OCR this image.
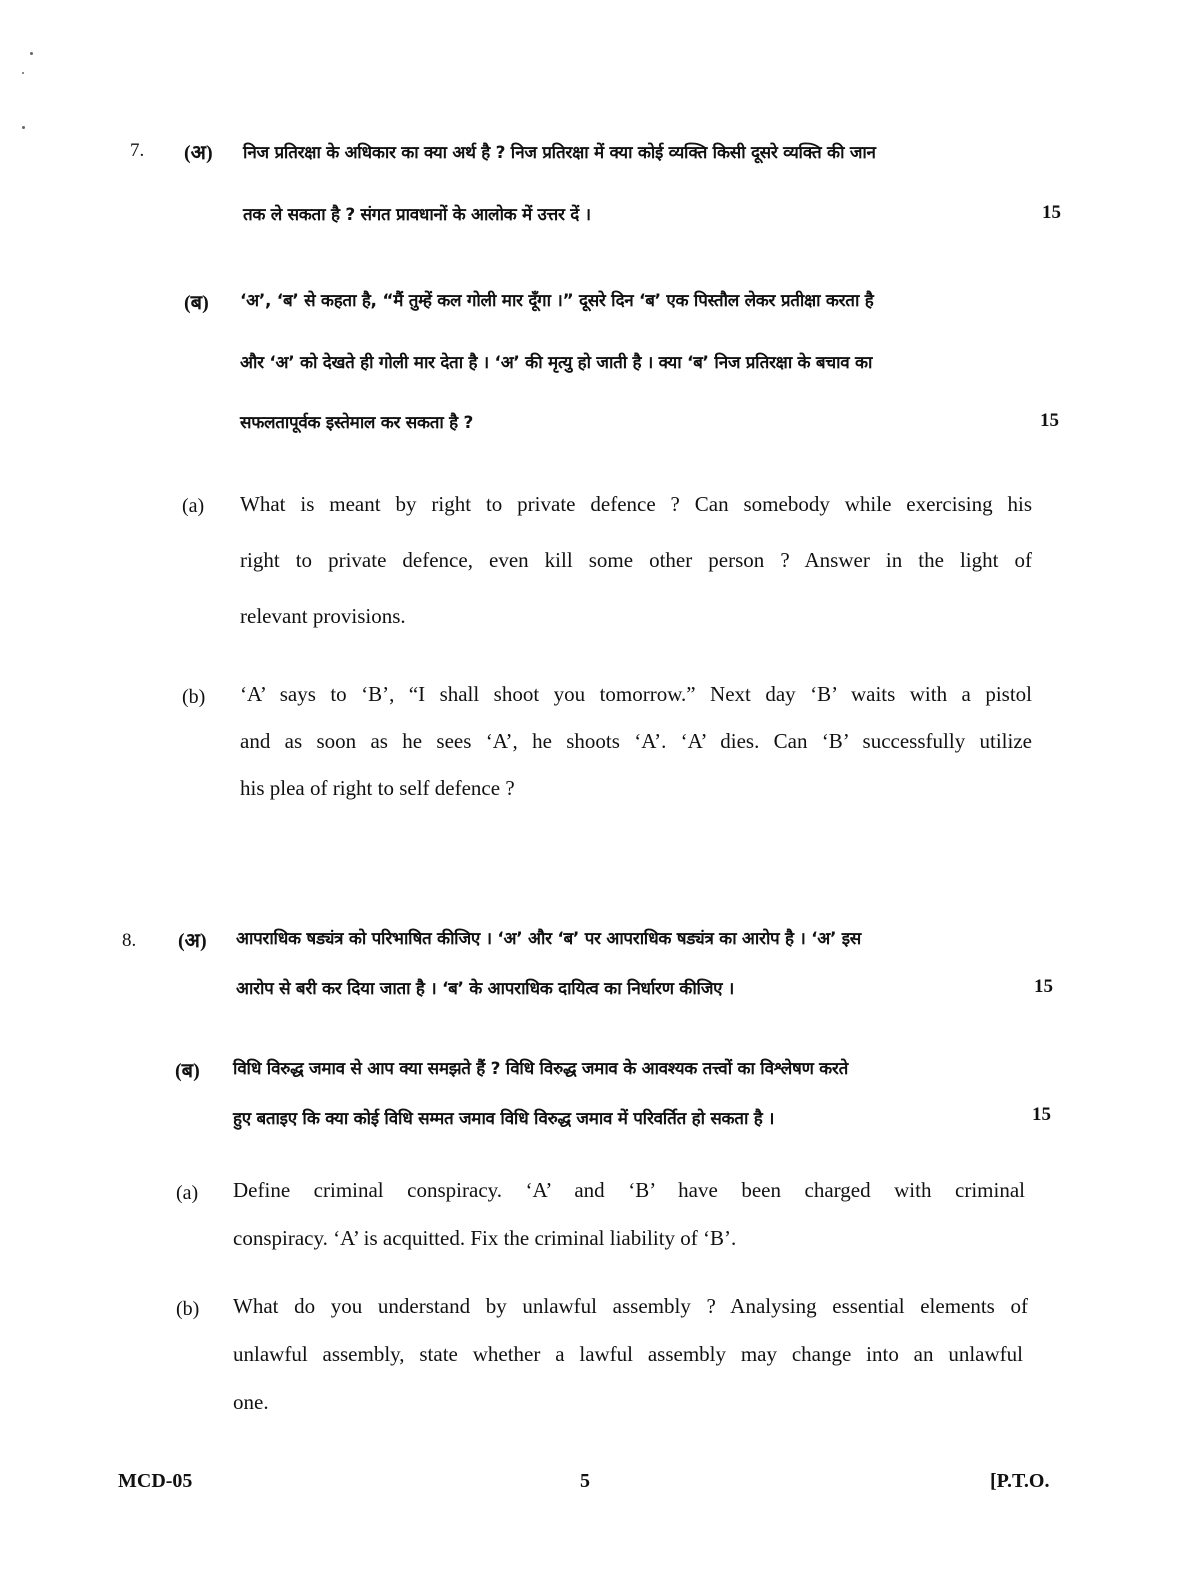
7. (अ) निज प्रतिरक्षा के अधिकार का क्या अर्थ है ? निज प्रतिरक्षा में क्या कोई व्यक्ति किसी दूसरे व्यक्ति की जान
तक ले सकता है ? संगत प्रावधानों के आलोक में उत्तर दें ।	15
(ब) ‘अ’, ‘ब’ से कहता है, “मैं तुम्हें कल गोली मार दूँगा ।” दूसरे दिन ‘ब’ एक पिस्तौल लेकर प्रतीक्षा करता है
और ‘अ’ को देखते ही गोली मार देता है । ‘अ’ की मृत्यु हो जाती है । क्या ‘ब’ निज प्रतिरक्षा के बचाव का
सफलतापूर्वक इस्तेमाल कर सकता है ?	15
(a) What is meant by right to private defence ? Can somebody while exercising his
right to private defence, even kill some other person ? Answer in the light of
relevant provisions.
(b) ‘A’ says to ‘B’, “I shall shoot you tomorrow.” Next day ‘B’ waits with a pistol
and as soon as he sees ‘A’, he shoots ‘A’. ‘A’ dies. Can ‘B’ successfully utilize
his plea of right to self defence ?
8. (अ) आपराधिक षड्यंत्र को परिभाषित कीजिए । ‘अ’ और ‘ब’ पर आपराधिक षड्यंत्र का आरोप है । ‘अ’ इस
आरोप से बरी कर दिया जाता है । ‘ब’ के आपराधिक दायित्व का निर्धारण कीजिए ।	15
(ब) विधि विरुद्ध जमाव से आप क्या समझते हैं ? विधि विरुद्ध जमाव के आवश्यक तत्त्वों का विश्लेषण करते
हुए बताइए कि क्या कोई विधि सम्मत जमाव विधि विरुद्ध जमाव में परिवर्तित हो सकता है ।	15
(a) Define criminal conspiracy. ‘A’ and ‘B’ have been charged with criminal
conspiracy. ‘A’ is acquitted. Fix the criminal liability of ‘B’.
(b) What do you understand by unlawful assembly ? Analysing essential elements of
unlawful assembly, state whether a lawful assembly may change into an unlawful
one.
MCD-05	5	[P.T.O.
